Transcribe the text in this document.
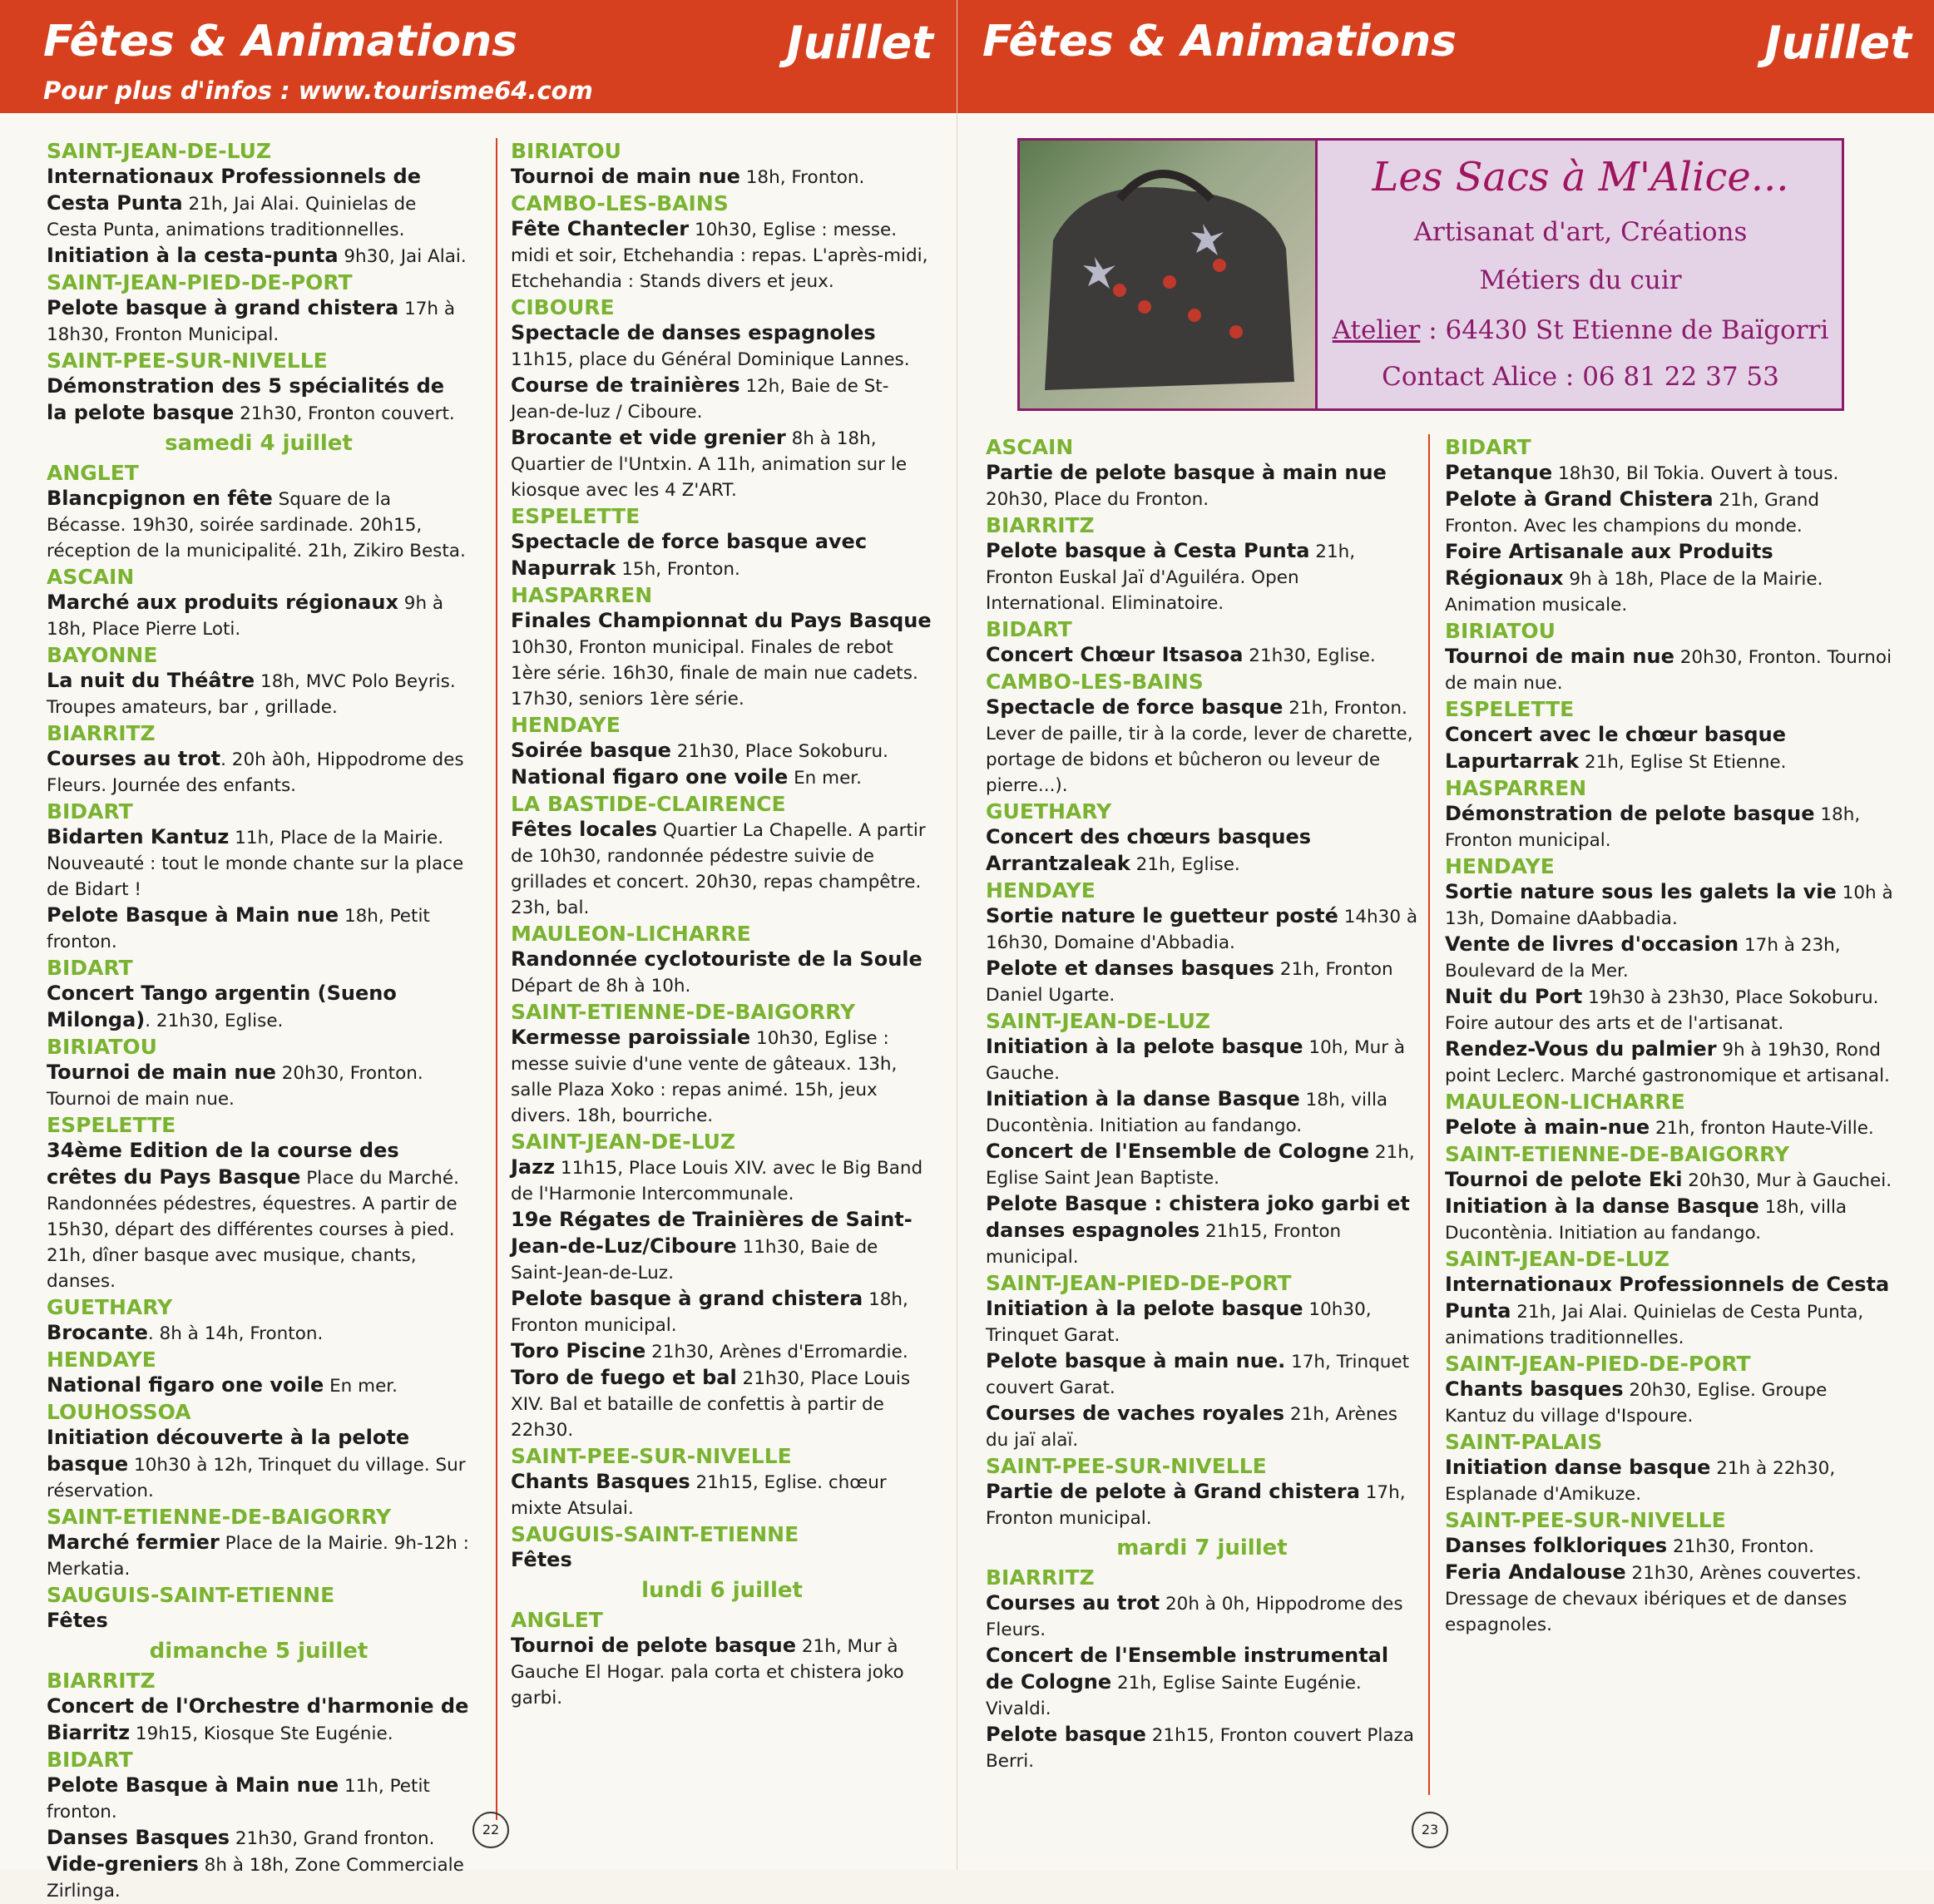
Fêtes & Animations	Juillet
Pour plus d'infos : www.tourisme64.com
SAINT-JEAN-DE-LUZ

Internationaux Professionnels de Cesta Punta 21h, Jai Alai. Quinielas de Cesta Punta, animations traditionnelles.

Initiation à la cesta-punta 9h30, Jai Alai.

SAINT-JEAN-PIED-DE-PORT

Pelote basque à grand chistera 17h à 18h30, Fronton Municipal.

SAINT-PEE-SUR-NIVELLE

Démonstration des 5 spécialités de la pelote basque 21h30, Fronton couvert.

samedi 4 juillet
ANGLET

Blancpignon en fête Square de la Bécasse. 19h30, soirée sardinade. 20h15, réception de la municipalité. 21h, Zikiro Besta.

ASCAIN

Marché aux produits régionaux 9h à 18h, Place Pierre Loti.

BAYONNE

La nuit du Théâtre 18h, MVC Polo Beyris. Troupes amateurs, bar , grillade.

BIARRITZ

Courses au trot. 20h à0h, Hippodrome des Fleurs. Journée des enfants.

BIDART

Bidarten Kantuz 11h, Place de la Mairie. Nouveauté : tout le monde chante sur la place de Bidart !

Pelote Basque à Main nue 18h, Petit fronton.

BIDART

Concert Tango argentin (Sueno Milonga). 21h30, Eglise.

BIRIATOU

Tournoi de main nue 20h30, Fronton. Tournoi de main nue.

ESPELETTE

34ème Edition de la course des crêtes du Pays Basque Place du Marché. Randonnées pédestres, équestres. A partir de 15h30, départ des différentes courses à pied. 21h, dîner basque avec musique, chants, danses.

GUETHARY

Brocante. 8h à 14h, Fronton.

HENDAYE

National figaro one voile En mer.

LOUHOSSOA

Initiation découverte à la pelote basque 10h30 à 12h, Trinquet du village. Sur réservation.

SAINT-ETIENNE-DE-BAIGORRY

Marché fermier Place de la Mairie. 9h-12h : Merkatia.

SAUGUIS-SAINT-ETIENNE

Fêtes

dimanche 5 juillet
BIARRITZ

Concert de l'Orchestre d'harmonie de Biarritz 19h15, Kiosque Ste Eugénie.

BIDART

Pelote Basque à Main nue 11h, Petit fronton.

Danses Basques 21h30, Grand fronton.

Vide-greniers 8h à 18h, Zone Commerciale Zirlinga.

BIRIATOU

Tournoi de main nue 18h, Fronton.

CAMBO-LES-BAINS

Fête Chantecler 10h30, Eglise : messe. midi et soir, Etchehandia : repas. L'après-midi, Etchehandia : Stands divers et jeux.

CIBOURE

Spectacle de danses espagnoles 11h15, place du Général Dominique Lannes.

Course de trainières 12h, Baie de St-Jean-de-luz / Ciboure.

Brocante et vide grenier 8h à 18h, Quartier de l'Untxin. A 11h, animation sur le kiosque avec les 4 Z'ART.

ESPELETTE

Spectacle de force basque avec Napurrak 15h, Fronton.

HASPARREN

Finales Championnat du Pays Basque 10h30, Fronton municipal. Finales de rebot 1ère série. 16h30, finale de main nue cadets. 17h30, seniors 1ère série.

HENDAYE

Soirée basque 21h30, Place Sokoburu.

National figaro one voile En mer.

LA BASTIDE-CLAIRENCE

Fêtes locales Quartier La Chapelle. A partir de 10h30, randonnée pédestre suivie de grillades et concert. 20h30, repas champêtre. 23h, bal.

MAULEON-LICHARRE

Randonnée cyclotouriste de la Soule Départ de 8h à 10h.

SAINT-ETIENNE-DE-BAIGORRY

Kermesse paroissiale 10h30, Eglise : messe suivie d'une vente de gâteaux. 13h, salle Plaza Xoko : repas animé. 15h, jeux divers. 18h, bourriche.

SAINT-JEAN-DE-LUZ

Jazz 11h15, Place Louis XIV. avec le Big Band de l'Harmonie Intercommunale.

19e Régates de Trainières de Saint-Jean-de-Luz/Ciboure 11h30, Baie de Saint-Jean-de-Luz.

Pelote basque à grand chistera 18h, Fronton municipal.

Toro Piscine 21h30, Arènes d'Erromardie.

Toro de fuego et bal 21h30, Place Louis XIV. Bal et bataille de confettis à partir de 22h30.

SAINT-PEE-SUR-NIVELLE

Chants Basques 21h15, Eglise. chœur mixte Atsulai.

SAUGUIS-SAINT-ETIENNE

Fêtes

lundi 6 juillet
ANGLET

Tournoi de pelote basque 21h, Mur à Gauche El Hogar. pala corta et chistera joko garbi.

22
Fêtes & Animations	Juillet
Les Sacs à M'Alice...
Artisanat d'art, Créations
Métiers du cuir
Atelier : 64430 St Etienne de Baïgorri
Contact Alice : 06 81 22 37 53
ASCAIN

Partie de pelote basque à main nue 20h30, Place du Fronton.

BIARRITZ

Pelote basque à Cesta Punta 21h, Fronton Euskal Jaï d'Aguiléra. Open International. Eliminatoire.

BIDART

Concert Chœur Itsasoa 21h30, Eglise.

CAMBO-LES-BAINS

Spectacle de force basque 21h, Fronton. Lever de paille, tir à la corde, lever de charette, portage de bidons et bûcheron ou leveur de pierre...).

GUETHARY

Concert des chœurs basques Arrantzaleak 21h, Eglise.

HENDAYE

Sortie nature le guetteur posté 14h30 à 16h30, Domaine d'Abbadia.

Pelote et danses basques 21h, Fronton Daniel Ugarte.

SAINT-JEAN-DE-LUZ

Initiation à la pelote basque 10h, Mur à Gauche.

Initiation à la danse Basque 18h, villa Ducontènia. Initiation au fandango.

Concert de l'Ensemble de Cologne 21h, Eglise Saint Jean Baptiste.

Pelote Basque : chistera joko garbi et danses espagnoles 21h15, Fronton municipal.

SAINT-JEAN-PIED-DE-PORT

Initiation à la pelote basque 10h30, Trinquet Garat.

Pelote basque à main nue. 17h, Trinquet couvert Garat.

Courses de vaches royales 21h, Arènes du jaï alaï.

SAINT-PEE-SUR-NIVELLE

Partie de pelote à Grand chistera 17h, Fronton municipal.

mardi 7 juillet
BIARRITZ

Courses au trot 20h à 0h, Hippodrome des Fleurs.

Concert de l'Ensemble instrumental de Cologne 21h, Eglise Sainte Eugénie. Vivaldi.

Pelote basque 21h15, Fronton couvert Plaza Berri.

BIDART

Petanque 18h30, Bil Tokia. Ouvert à tous.

Pelote à Grand Chistera 21h, Grand Fronton. Avec les champions du monde.

Foire Artisanale aux Produits Régionaux 9h à 18h, Place de la Mairie. Animation musicale.

BIRIATOU

Tournoi de main nue 20h30, Fronton. Tournoi de main nue.

ESPELETTE

Concert avec le chœur basque Lapurtarrak 21h, Eglise St Etienne.

HASPARREN

Démonstration de pelote basque 18h, Fronton municipal.

HENDAYE

Sortie nature sous les galets la vie 10h à 13h, Domaine dAabbadia.

Vente de livres d'occasion 17h à 23h, Boulevard de la Mer.

Nuit du Port 19h30 à 23h30, Place Sokoburu. Foire autour des arts et de l'artisanat.

Rendez-Vous du palmier 9h à 19h30, Rond point Leclerc. Marché gastronomique et artisanal.

MAULEON-LICHARRE

Pelote à main-nue 21h, fronton Haute-Ville.

SAINT-ETIENNE-DE-BAIGORRY

Tournoi de pelote Eki 20h30, Mur à Gauchei.

Initiation à la danse Basque 18h, villa Ducontènia. Initiation au fandango.

SAINT-JEAN-DE-LUZ

Internationaux Professionnels de Cesta Punta 21h, Jai Alai. Quinielas de Cesta Punta, animations traditionnelles.

SAINT-JEAN-PIED-DE-PORT

Chants basques 20h30, Eglise. Groupe Kantuz du village d'Ispoure.

SAINT-PALAIS

Initiation danse basque 21h à 22h30, Esplanade d'Amikuze.

SAINT-PEE-SUR-NIVELLE

Danses folkloriques 21h30, Fronton.

Feria Andalouse 21h30, Arènes couvertes. Dressage de chevaux ibériques et de danses espagnoles.

23
